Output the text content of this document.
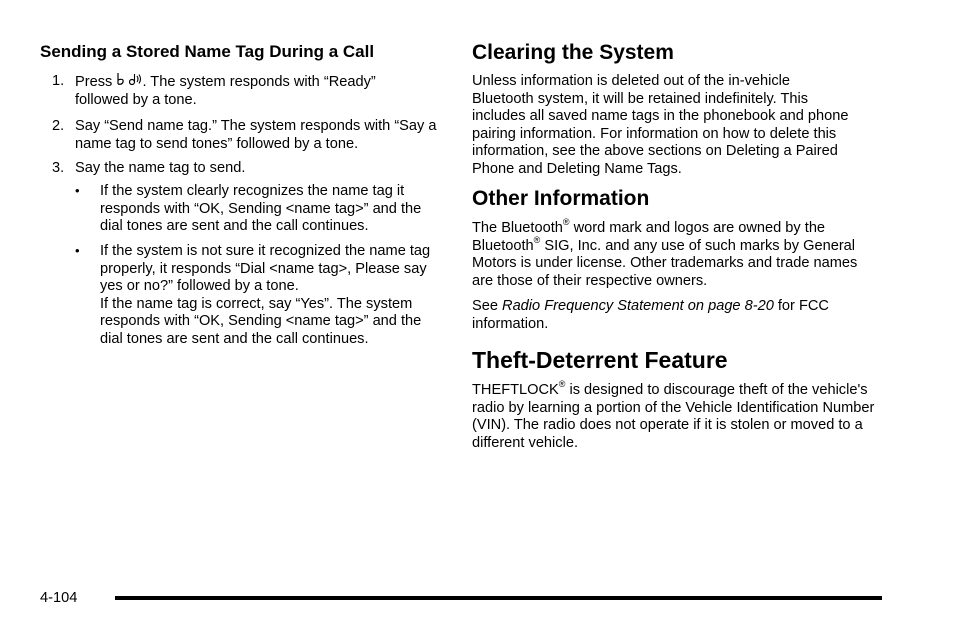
Sending a Stored Name Tag During a Call
1. Press . The system responds with “Ready”
followed by a tone.
2. Say “Send name tag.” The system responds with “Say a name tag to send tones” followed by a tone.
3. Say the name tag to send.
• If the system clearly recognizes the name tag it responds with “OK, Sending <name tag>” and the dial tones are sent and the call continues.
• If the system is not sure it recognized the name tag properly, it responds “Dial <name tag>, Please say yes or no?” followed by a tone.
If the name tag is correct, say “Yes”. The system responds with “OK, Sending <name tag>” and the dial tones are sent and the call continues.
Clearing the System
Unless information is deleted out of the in-vehicle Bluetooth system, it will be retained indefinitely. This includes all saved name tags in the phonebook and phone pairing information. For information on how to delete this information, see the above sections on Deleting a Paired Phone and Deleting Name Tags.
Other Information
The Bluetooth® word mark and logos are owned by the Bluetooth® SIG, Inc. and any use of such marks by General Motors is under license. Other trademarks and trade names are those of their respective owners.
See Radio Frequency Statement on page 8-20 for FCC information.
Theft-Deterrent Feature
THEFTLOCK® is designed to discourage theft of the vehicle's radio by learning a portion of the Vehicle Identification Number (VIN). The radio does not operate if it is stolen or moved to a different vehicle.
4-104
